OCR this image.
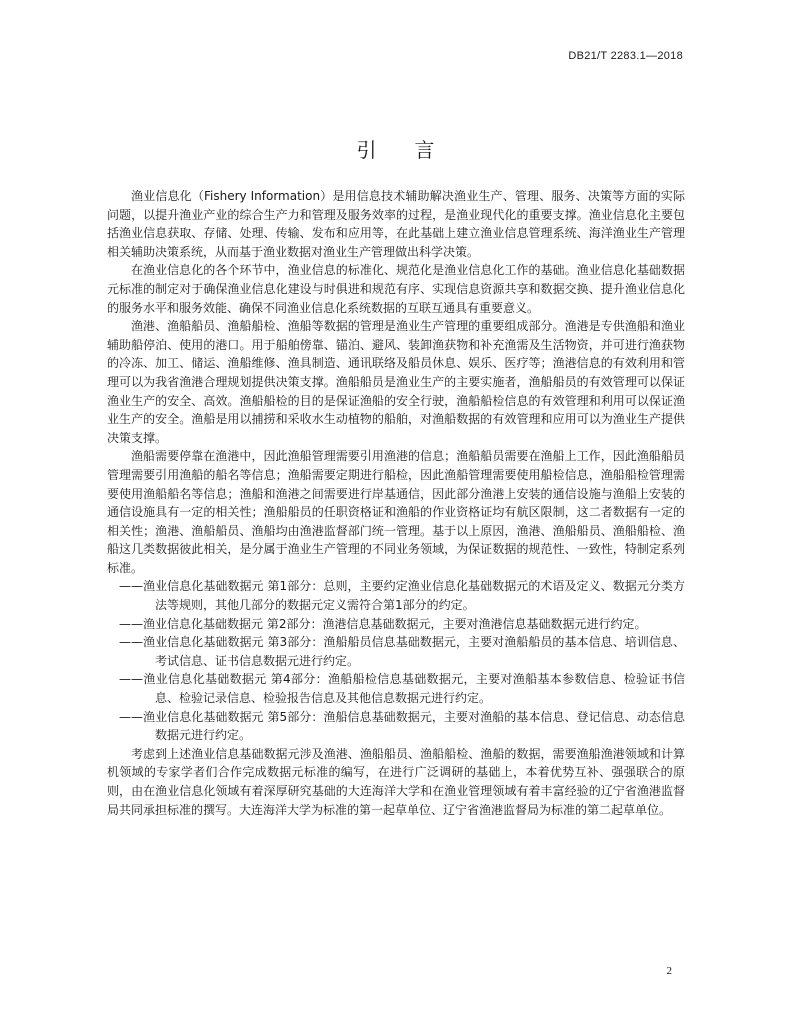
DB21/T 2283.1—2018
引言

渔业信息化（Fishery Information）是用信息技术辅助解决渔业生产、管理、服务、决策等方面的实际问题，以提升渔业产业的综合生产力和管理及服务效率的过程，是渔业现代化的重要支撑。渔业信息化主要包括渔业信息获取、存储、处理、传输、发布和应用等，在此基础上建立渔业信息管理系统、海洋渔业生产管理相关辅助决策系统，从而基于渔业数据对渔业生产管理做出科学决策。

在渔业信息化的各个环节中，渔业信息的标准化、规范化是渔业信息化工作的基础。渔业信息化基础数据元标准的制定对于确保渔业信息化建设与时俱进和规范有序、实现信息资源共享和数据交换、提升渔业信息化的服务水平和服务效能、确保不同渔业信息化系统数据的互联互通具有重要意义。

渔港、渔船船员、渔船船检、渔船等数据的管理是渔业生产管理的重要组成部分。渔港是专供渔船和渔业辅助船停泊、使用的港口。用于船舶傍靠、锚泊、避风、装卸渔获物和补充渔需及生活物资，并可进行渔获物的冷冻、加工、储运、渔船维修、渔具制造、通讯联络及船员休息、娱乐、医疗等；渔港信息的有效利用和管理可以为我省渔港合理规划提供决策支撑。渔船船员是渔业生产的主要实施者，渔船船员的有效管理可以保证渔业生产的安全、高效。渔船船检的目的是保证渔船的安全行驶，渔船船检信息的有效管理和利用可以保证渔业生产的安全。渔船是用以捕捞和采收水生动植物的船舶，对渔船数据的有效管理和应用可以为渔业生产提供决策支撑。

渔船需要停靠在渔港中，因此渔船管理需要引用渔港的信息；渔船船员需要在渔船上工作，因此渔船船员管理需要引用渔船的船名等信息；渔船需要定期进行船检，因此渔船管理需要使用船检信息，渔船船检管理需要使用渔船船名等信息；渔船和渔港之间需要进行岸基通信，因此部分渔港上安装的通信设施与渔船上安装的通信设施具有一定的相关性；渔船船员的任职资格证和渔船的作业资格证均有航区限制，这二者数据有一定的相关性；渔港、渔船船员、渔船均由渔港监督部门统一管理。基于以上原因，渔港、渔船船员、渔船船检、渔船这几类数据彼此相关，是分属于渔业生产管理的不同业务领域，为保证数据的规范性、一致性，特制定系列标准。

——渔业信息化基础数据元 第1部分：总则，主要约定渔业信息化基础数据元的术语及定义、数据元分类方法等规则，其他几部分的数据元定义需符合第1部分的约定。

——渔业信息化基础数据元 第2部分：渔港信息基础数据元，主要对渔港信息基础数据元进行约定。

——渔业信息化基础数据元 第3部分：渔船船员信息基础数据元，主要对渔船船员的基本信息、培训信息、考试信息、证书信息数据元进行约定。

——渔业信息化基础数据元 第4部分：渔船船检信息基础数据元，主要对渔船基本参数信息、检验证书信息、检验记录信息、检验报告信息及其他信息数据元进行约定。

——渔业信息化基础数据元 第5部分：渔船信息基础数据元，主要对渔船的基本信息、登记信息、动态信息数据元进行约定。

考虑到上述渔业信息基础数据元涉及渔港、渔船船员、渔船船检、渔船的数据，需要渔船渔港领域和计算机领域的专家学者们合作完成数据元标准的编写，在进行广泛调研的基础上，本着优势互补、强强联合的原则，由在渔业信息化领域有着深厚研究基础的大连海洋大学和在渔业管理领域有着丰富经验的辽宁省渔港监督局共同承担标准的撰写。大连海洋大学为标准的第一起草单位、辽宁省渔港监督局为标准的第二起草单位。

2
